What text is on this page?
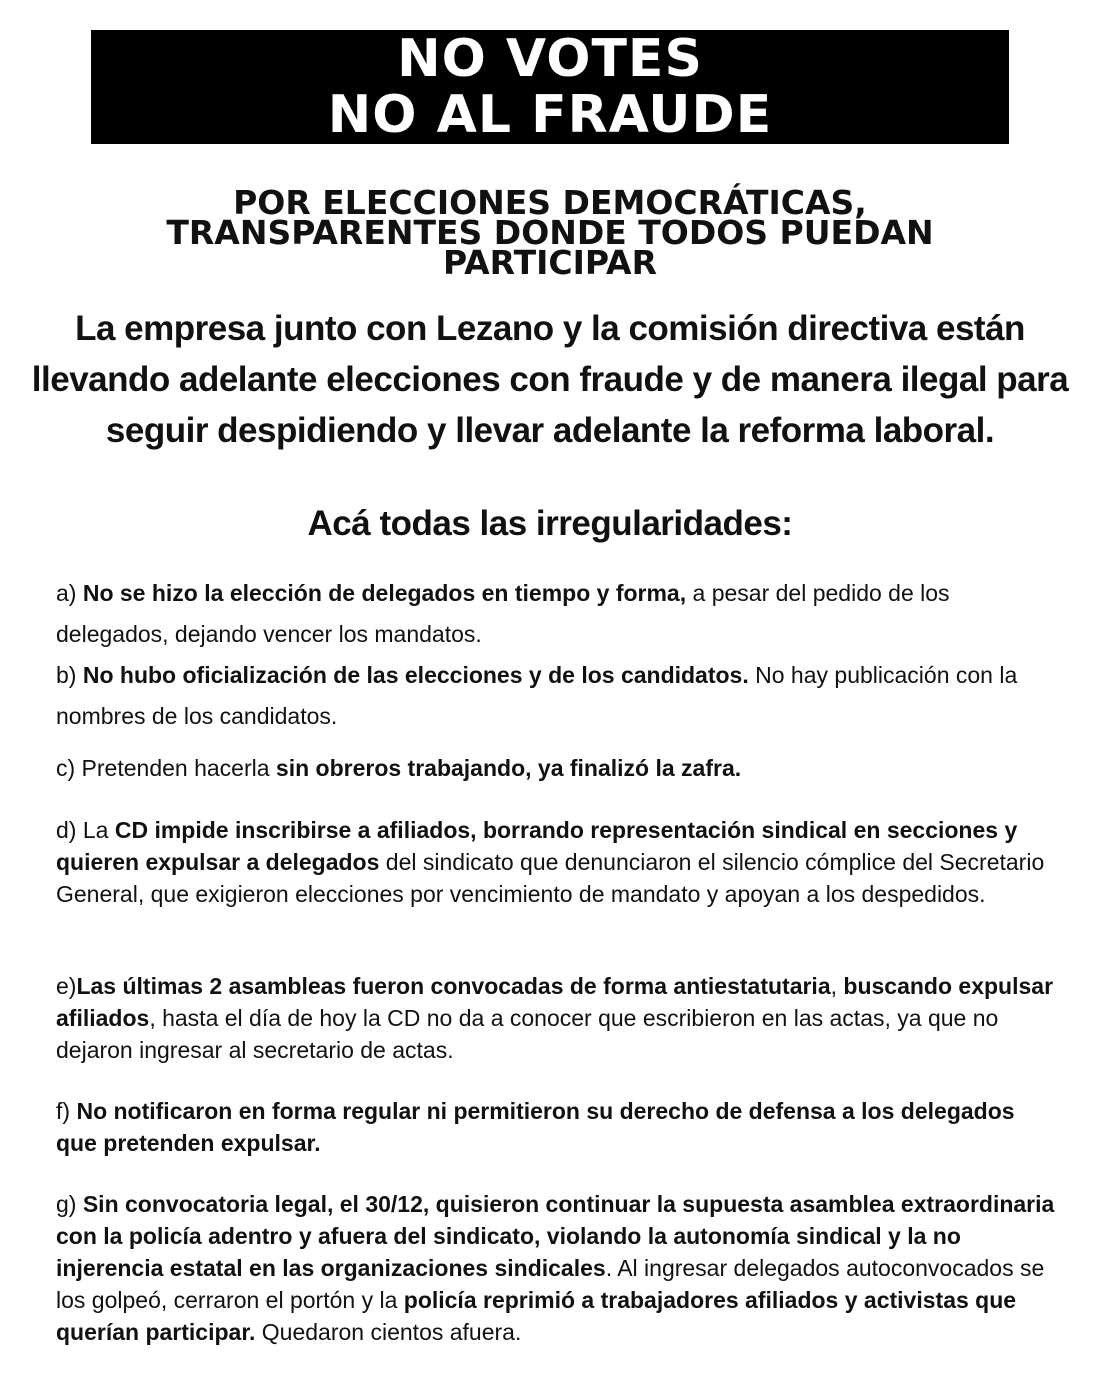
NO VOTES
NO AL FRAUDE
POR ELECCIONES DEMOCRÁTICAS,
TRANSPARENTES DONDE TODOS PUEDAN
PARTICIPAR
La empresa junto con Lezano y la comisión directiva están llevando adelante elecciones con fraude y de manera ilegal para seguir despidiendo y llevar adelante la reforma laboral.
Acá todas las irregularidades:
a) No se hizo la elección de delegados en tiempo y forma, a pesar del pedido de los delegados, dejando vencer los mandatos.
b) No hubo oficialización de las elecciones y de los candidatos. No hay publicación con la nombres de los candidatos.
c) Pretenden hacerla sin obreros trabajando, ya finalizó la zafra.
d) La CD impide inscribirse a afiliados, borrando representación sindical en secciones y quieren expulsar a delegados del sindicato que denunciaron el silencio cómplice del Secretario General, que exigieron elecciones por vencimiento de mandato y apoyan a los despedidos.
e)Las últimas 2 asambleas fueron convocadas de forma antiestatutaria, buscando expulsar afiliados, hasta el día de hoy la CD no da a conocer que escribieron en las actas, ya que no dejaron ingresar al secretario de actas.
f) No notificaron en forma regular ni permitieron su derecho de defensa a los delegados que pretenden expulsar.
g) Sin convocatoria legal, el 30/12, quisieron continuar la supuesta asamblea extraordinaria con la policía adentro y afuera del sindicato, violando la autonomía sindical y la no injerencia estatal en las organizaciones sindicales. Al ingresar delegados autoconvocados se los golpeó, cerraron el portón y la policía reprimió a trabajadores afiliados y activistas que querían participar. Quedaron cientos afuera.
